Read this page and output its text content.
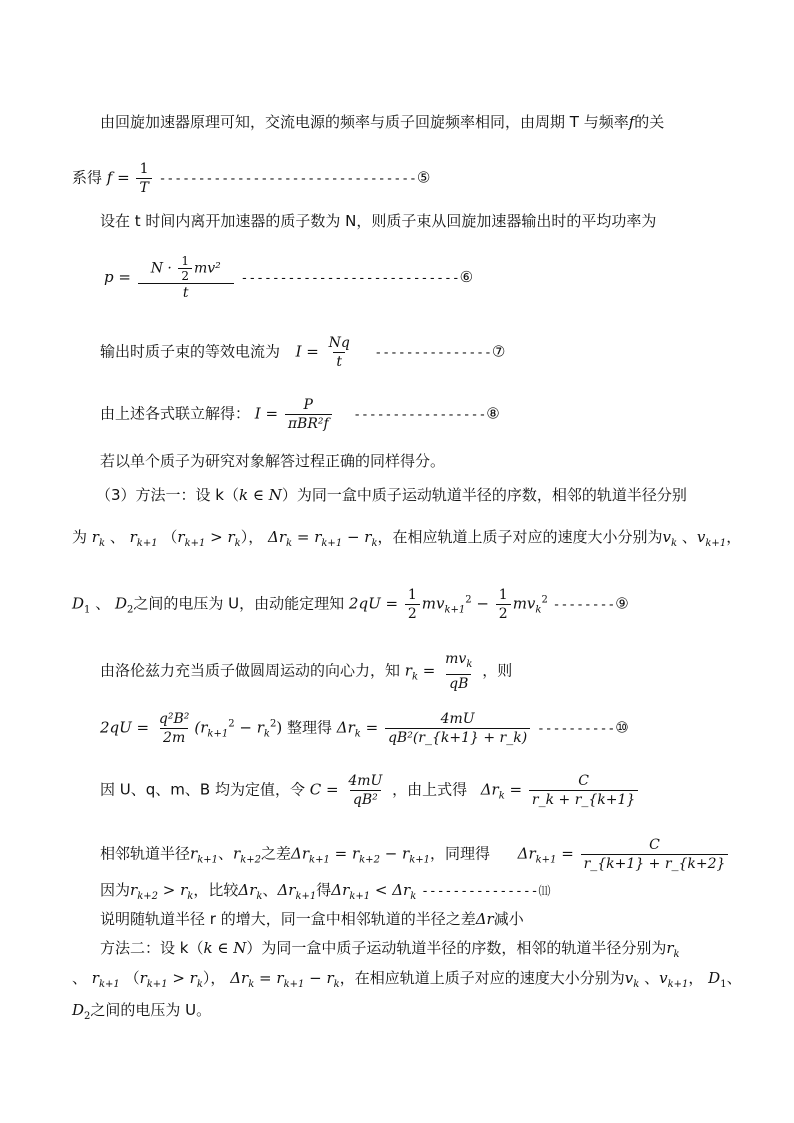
由回旋加速器原理可知，交流电源的频率与质子回旋频率相同，由周期 T 与频率f的关
系得 $f = \frac{1}{T}$ ---------------------------------⑤
设在 t 时间内离开加速器的质子数为 N，则质子束从回旋加速器输出时的平均功率为
$p = \frac{N \cdot \frac{1}{2} mv^2}{t}$ ----------------------------⑥
输出时质子束的等效电流为 $I = \frac{Nq}{t}$ ---------------⑦
由上述各式联立解得： $I = \frac{P}{\text{πBR²f}}$ -----------------⑧
若以单个质子为研究对象解答过程正确的同样得分。
（3）方法一：设 k（k ∈ N）为同一盒中质子运动轨道半径的序数，相邻的轨道半径分别
为 $r_k$ 、 $r_{k+1}$ $(r_{k+1} > r_k)$， $\Delta r_k = r_{k+1} - r_k$，在相应轨道上质子对应的速度大小分别为$v_k$ 、$v_{k+1}$，
$D_1$ 、 $D_2$之间的电压为 U，由动能定理知 $2qU = \frac{1}{2} mv_{k+1}^2 - \frac{1}{2} mv_k^2$ --------⑨
由洛伦兹力充当质子做圆周运动的向心力，知 $r_k = \frac{mv_k}{qB}$ ，则
$2qU = \frac{\text{q²B²}}{2m} (r_{k+1}^2 - r_k^2)$ 整理得 $\Delta r_k = \frac{4mU}{\text{qB²(r\_\{k+1\} + r\_k)}}$ ----------⑩
因 U、q、m、B 均为定值，令 $C = \frac{4mU}{\text{qB²}}$ ，由上式得 $\Delta r_k = \frac{C}{r\_k + r\_\{k+1\}}$
相邻轨道半径$r_{k+1}$、$r_{k+2}$之差$\Delta r_{k+1} = r_{k+2} - r_{k+1}$，同理得 $\Delta r_{k+1} = \frac{C}{r\_\{k+1\} + r\_\{k+2\}}$
因为$r_{k+2} > r_k$，比较$\Delta r_k$、$\Delta r_{k+1}$得$\Delta r_{k+1} < \Delta r_k$ ---------------⑾
说明随轨道半径 r 的增大，同一盒中相邻轨道的半径之差Δr减小
方法二：设 k（k ∈ N）为同一盒中质子运动轨道半径的序数，相邻的轨道半径分别为$r_k$
、 $r_{k+1}$ $(r_{k+1} > r_k)$， $\Delta r_k = r_{k+1} - r_k$，在相应轨道上质子对应的速度大小分别为$v_k$ 、$v_{k+1}$， $D_1$、
$D_2$之间的电压为 U。
